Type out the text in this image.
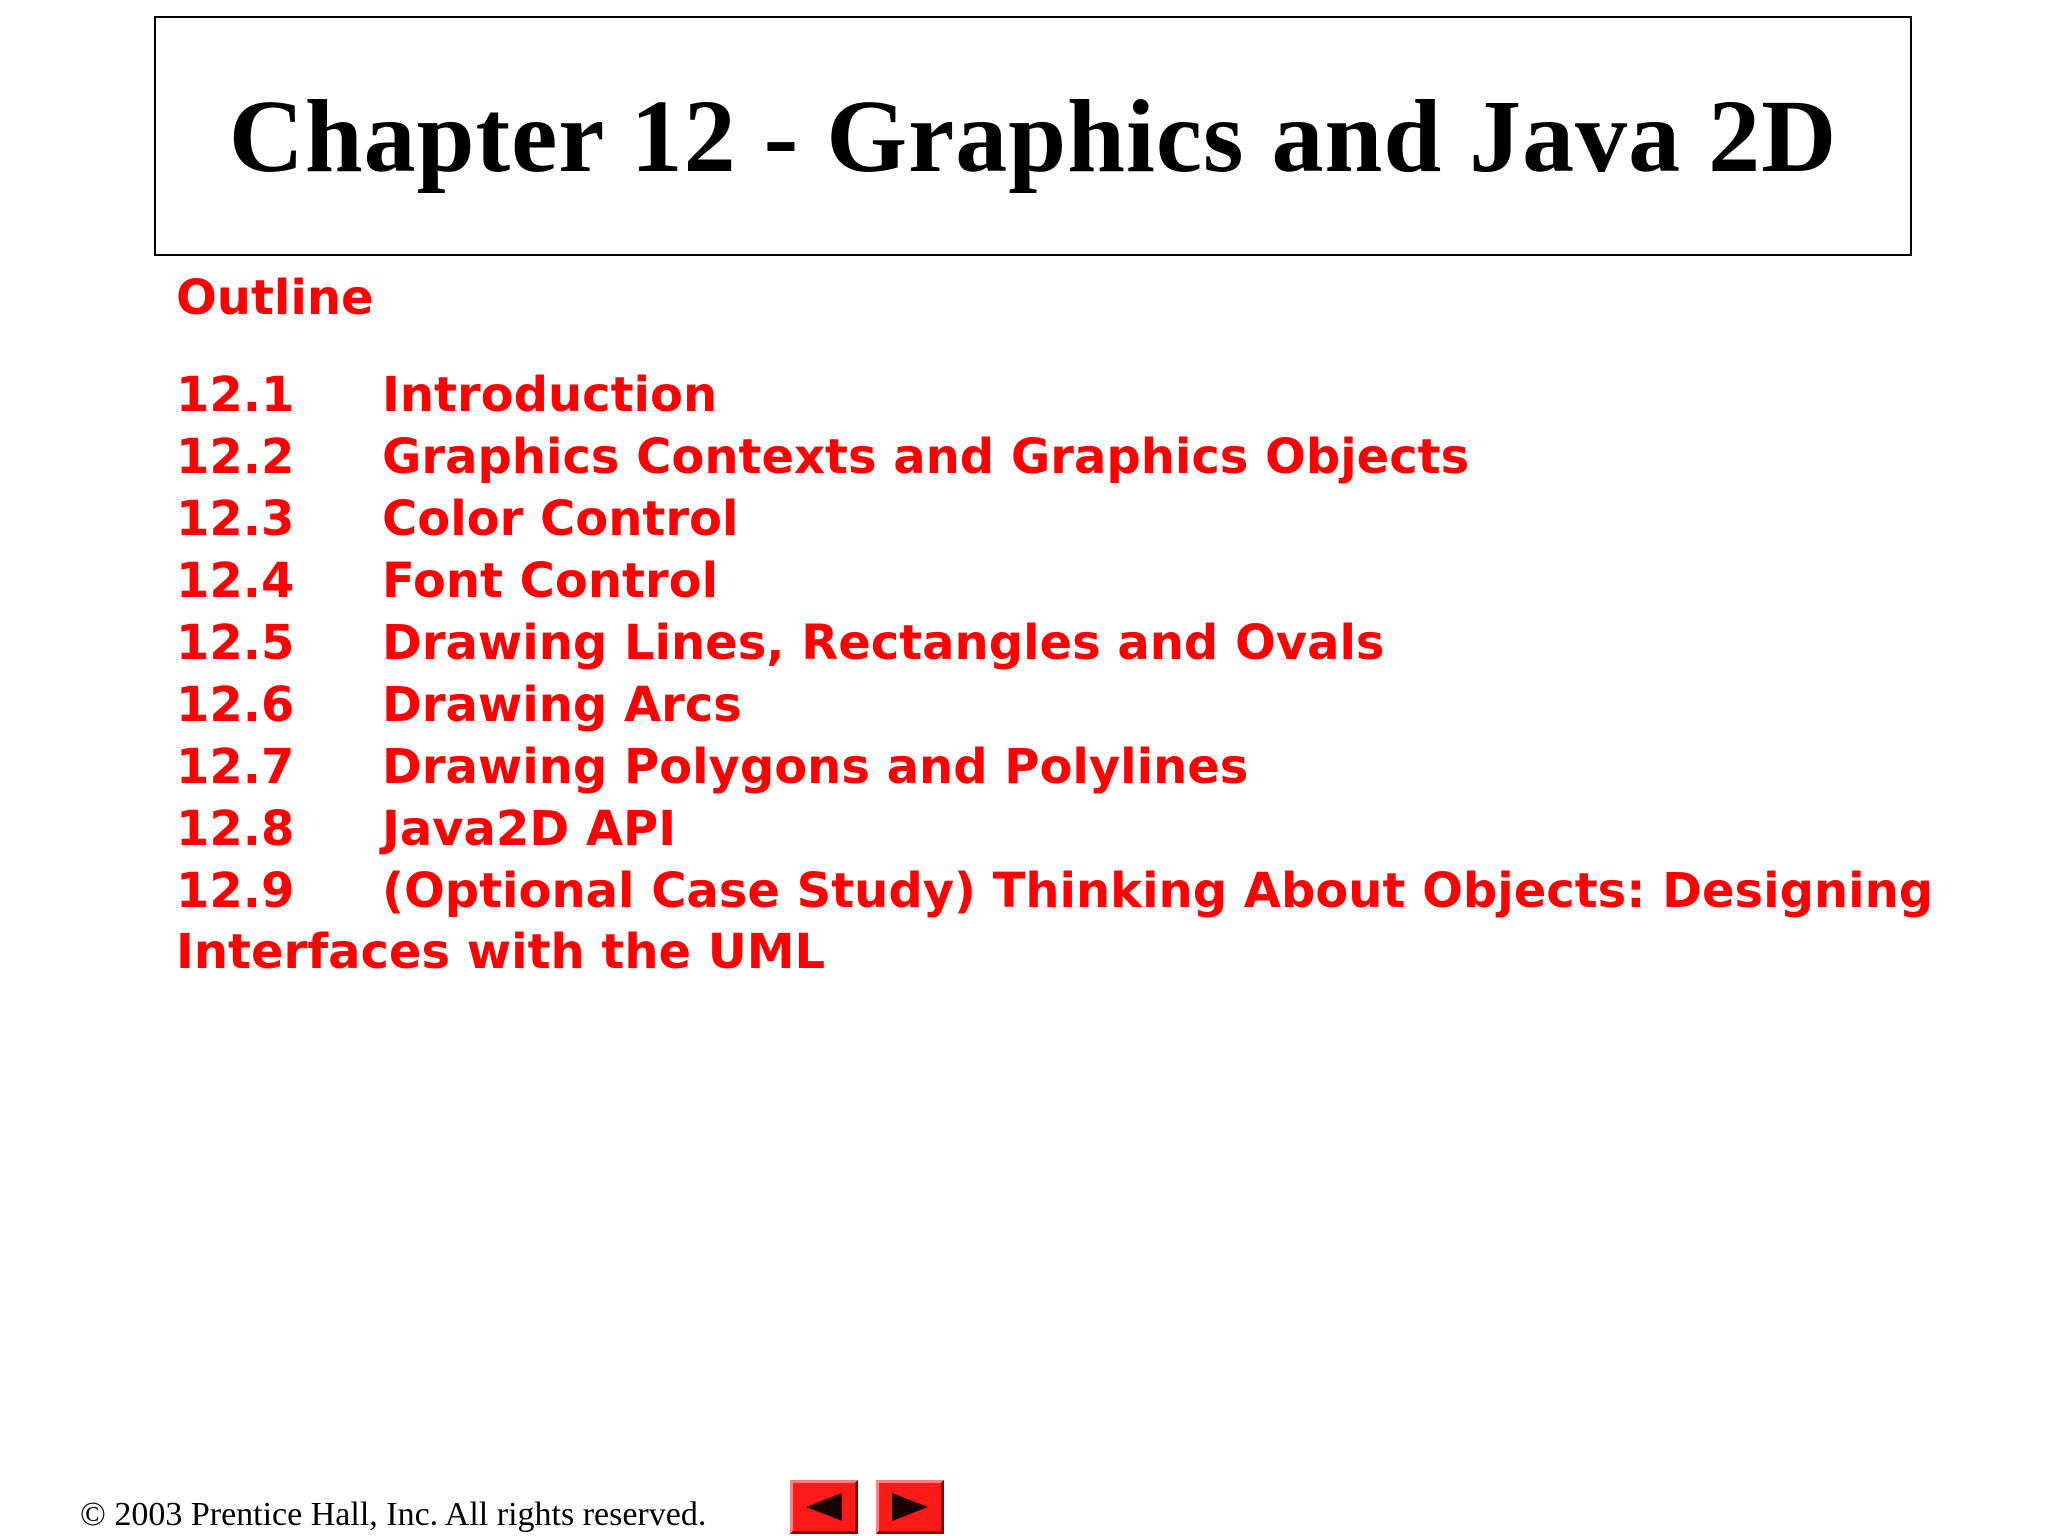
Chapter 12 - Graphics and Java 2D
Outline
12.1	Introduction
12.2	Graphics Contexts and Graphics Objects
12.3	Color Control
12.4	Font Control
12.5	Drawing Lines, Rectangles and Ovals
12.6	Drawing Arcs
12.7	Drawing Polygons and Polylines
12.8	Java2D API
12.9	(Optional Case Study) Thinking About Objects: Designing
Interfaces with the UML
© 2003 Prentice Hall, Inc. All rights reserved.
